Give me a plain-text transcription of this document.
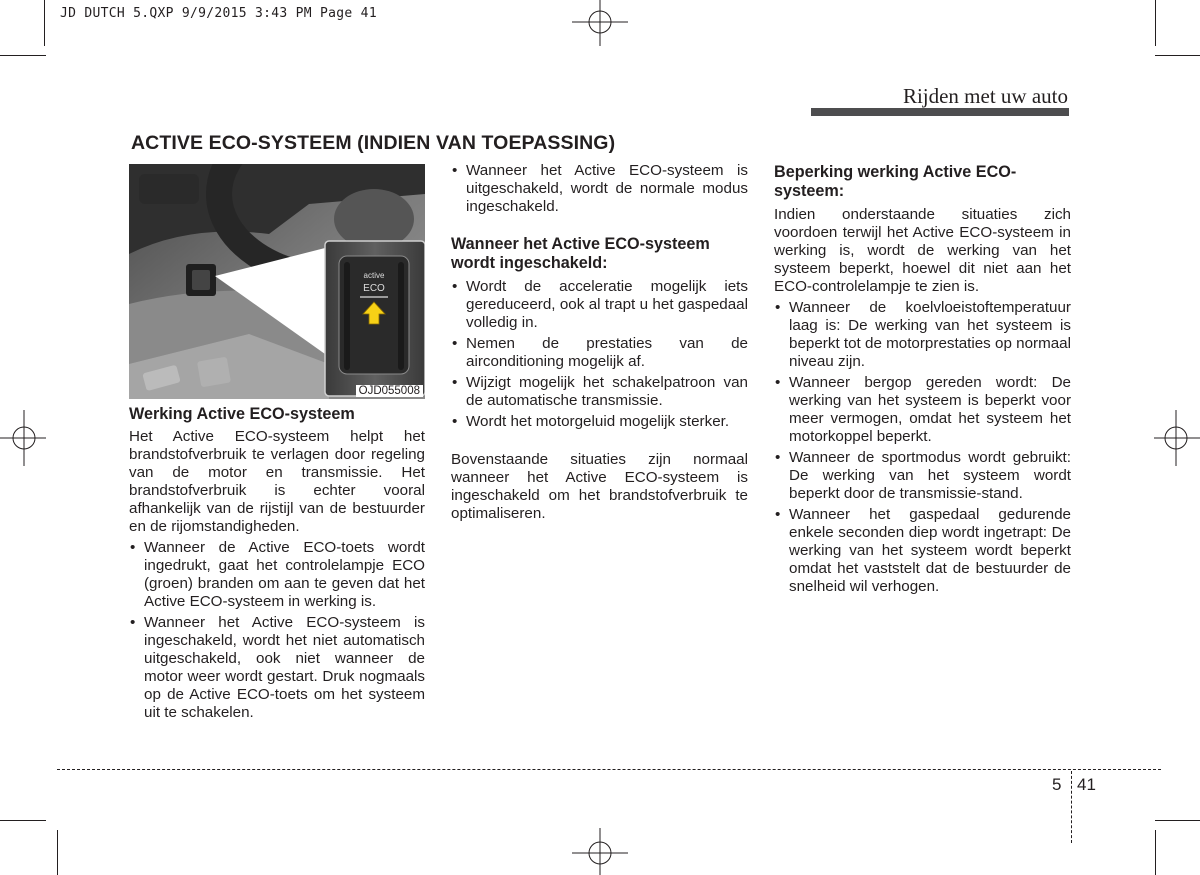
JD DUTCH 5.QXP 9/9/2015 3:43 PM Page 41
Rijden met uw auto
ACTIVE ECO-SYSTEEM (INDIEN VAN TOEPASSING)
active
ECO
OJD055008
Werking Active ECO-systeem

Het Active ECO-systeem helpt het brandstofverbruik te verlagen door regeling van de motor en transmissie. Het brandstofverbruik is echter vooral afhankelijk van de rijstijl van de bestuurder en de rijomstandigheden.

• Wanneer de Active ECO-toets wordt ingedrukt, gaat het controlelampje ECO (groen) branden om aan te geven dat het Active ECO-systeem in werking is.
• Wanneer het Active ECO-systeem is ingeschakeld, wordt het niet automatisch uitgeschakeld, ook niet wanneer de motor weer wordt gestart. Druk nogmaals op de Active ECO-toets om het systeem uit te schakelen.
• Wanneer het Active ECO-systeem is uitgeschakeld, wordt de normale modus ingeschakeld.
Wanneer het Active ECO-systeem wordt ingeschakeld:
• Wordt de acceleratie mogelijk iets gereduceerd, ook al trapt u het gaspedaal volledig in.
• Nemen de prestaties van de airconditioning mogelijk af.
• Wijzigt mogelijk het schakelpatroon van de automatische transmissie.
• Wordt het motorgeluid mogelijk sterker.

Bovenstaande situaties zijn normaal wanneer het Active ECO-systeem is ingeschakeld om het brandstofverbruik te optimaliseren.

Beperking werking Active ECO-systeem:

Indien onderstaande situaties zich voordoen terwijl het Active ECO-systeem in werking is, wordt de werking van het systeem beperkt, hoewel dit niet aan het ECO-controlelampje te zien is.

• Wanneer de koelvloeistoftemperatuur laag is: De werking van het systeem is beperkt tot de motorprestaties op normaal niveau zijn.
• Wanneer bergop gereden wordt: De werking van het systeem is beperkt voor meer vermogen, omdat het systeem het motorkoppel beperkt.
• Wanneer de sportmodus wordt gebruikt: De werking van het systeem wordt beperkt door de transmissie-stand.
• Wanneer het gaspedaal gedurende enkele seconden diep wordt ingetrapt: De werking van het systeem wordt beperkt omdat het vaststelt dat de bestuurder de snelheid wil verhogen.
5 41
